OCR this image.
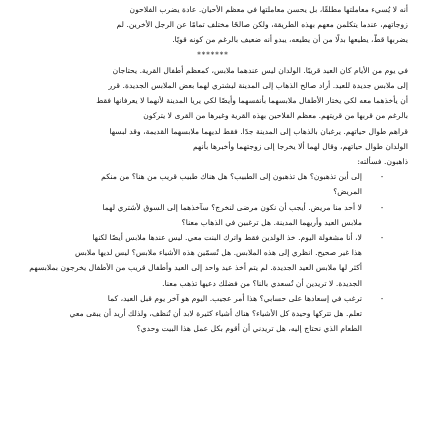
أنه لا يُسيء معاملتها مطلقًا، بل يحسن معاملتها في معظم الأحيان. عادة يضرب الفلاحون
زوجاتهم، عندما يتكلمن معهم بهذه الطريقة، ولكن صالحًا مختلف تمامًا عن الرجل الأخرين. لم
يضربها قطّ، يطيعها بدلًا من أن يطيعه، يبدو أنه ضعيف بالرغم من كونه قويًا.

*******

في يوم من الأيام كان العيد قريبًا. الولدان ليس عندهما ملابس، كمعظم أطفال القرية. يحتاجان
إلى ملابس جديدة للعيد. أراد صالح الذهاب إلى المدينة ليشتري لهما بعض الملابس الجديدة. قرر
أن يأخذهما معه لكي يختار الأطفال ملابسهما بأنفسهما وأيضًا لكي يريا المدينة لأنهما لا يعرفانها فقط
بالرغم من قربها من قريتهم. معظم الفلاحين بهذه القرية وغيرها من القرى لا يتركون
قراهم طوال حياتهم. يرغبان بالذهاب إلى المدينة جدًا. فقط لديهما ملابسهما القديمة، وقد لبسها
الولدان طوال حياتهم، وقال لهما ألا يخرجا إلى زوجتهما وأخبرها بأنهم
ذاهبون. فسألته:
-
إلى أين تذهبون؟ هل تذهبون إلى الطبيب؟ هل هناك طبيب قريب من هنا؟ من منكم
المريض؟
-
لا أحد منا مريض. أيجب أن نكون مرضى لنخرج؟ سآخذهما إلى السوق لأشتري لهما
ملابس العيد وأريهما المدينة. هل ترغبين في الذهاب معنا؟
-
لا، أنا مشغولة اليوم. خذ الولدين فقط واترك البنت معي. ليس عندها ملابس أيضًا لكنها
هذا غير صحيح. انظري إلى هذه الملابس. هل تُسمّين هذه الأشياء ملابس؟ ليس لديها ملابس
أكثر لها ملابس العيد الجديدة. لم يتم أخذ عيد واحد إلى العيد وأطفال قريب من الأطفال يخرجون بملابسهم
الجديدة. لا تريدين أن تُسعدي بالنا؟ من فضلك دعيها تذهب معنا.
-
ترغب في إسعادها على حسابي؟ هذا أمر عجيب. اليوم هو آخر يوم قبل العيد، كما
تعلم. هل تتركها وحيدة كل الأشياء؟ هناك أشياء كثيرة لابد أن تُنظف، ولذلك أريد أن يبقى معي
الطعام الذي نحتاج إليه، هل تريدني أن أقوم بكل عمل هذا البيت وحدي؟
